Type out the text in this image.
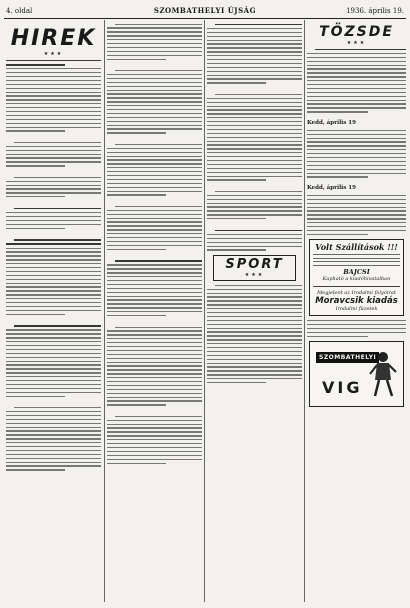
4. oldal	SZOMBATHELYI ÚJSÁG	1936. április 19.
HIREK
★★★
SPORT
★★★
TÖZSDE
★★★
Kedd, április 19
Kedd, április 19
Volt Szállítások !!!
BAJCSI
Kapható a kiadóhivatalban
Megjelent az Irodalmi folyóirat
Moravcsik kiadás
Irodalmi füzetek
SZOMBATHELYI
VIG
